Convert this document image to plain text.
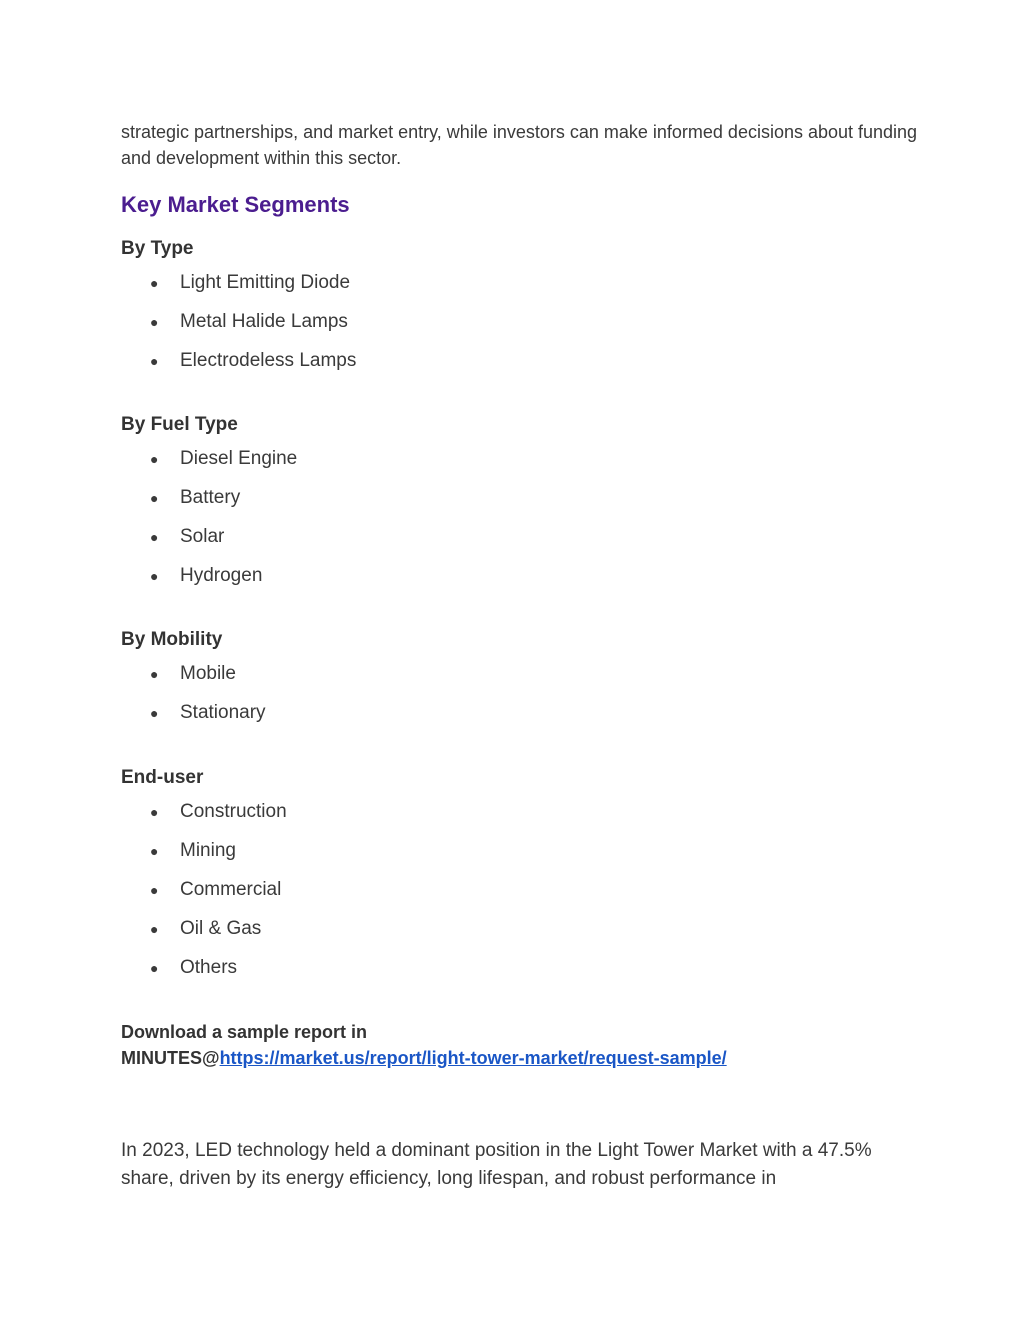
strategic partnerships, and market entry, while investors can make informed decisions about funding and development within this sector.
Key Market Segments
By Type
● Light Emitting Diode
● Metal Halide Lamps
● Electrodeless Lamps
By Fuel Type
● Diesel Engine
● Battery
● Solar
● Hydrogen
By Mobility
● Mobile
● Stationary
End-user
● Construction
● Mining
● Commercial
● Oil & Gas
● Others
Download a sample report in
MINUTES@https://market.us/report/light-tower-market/request-sample/
In 2023, LED technology held a dominant position in the Light Tower Market with a 47.5% share, driven by its energy efficiency, long lifespan, and robust performance in
